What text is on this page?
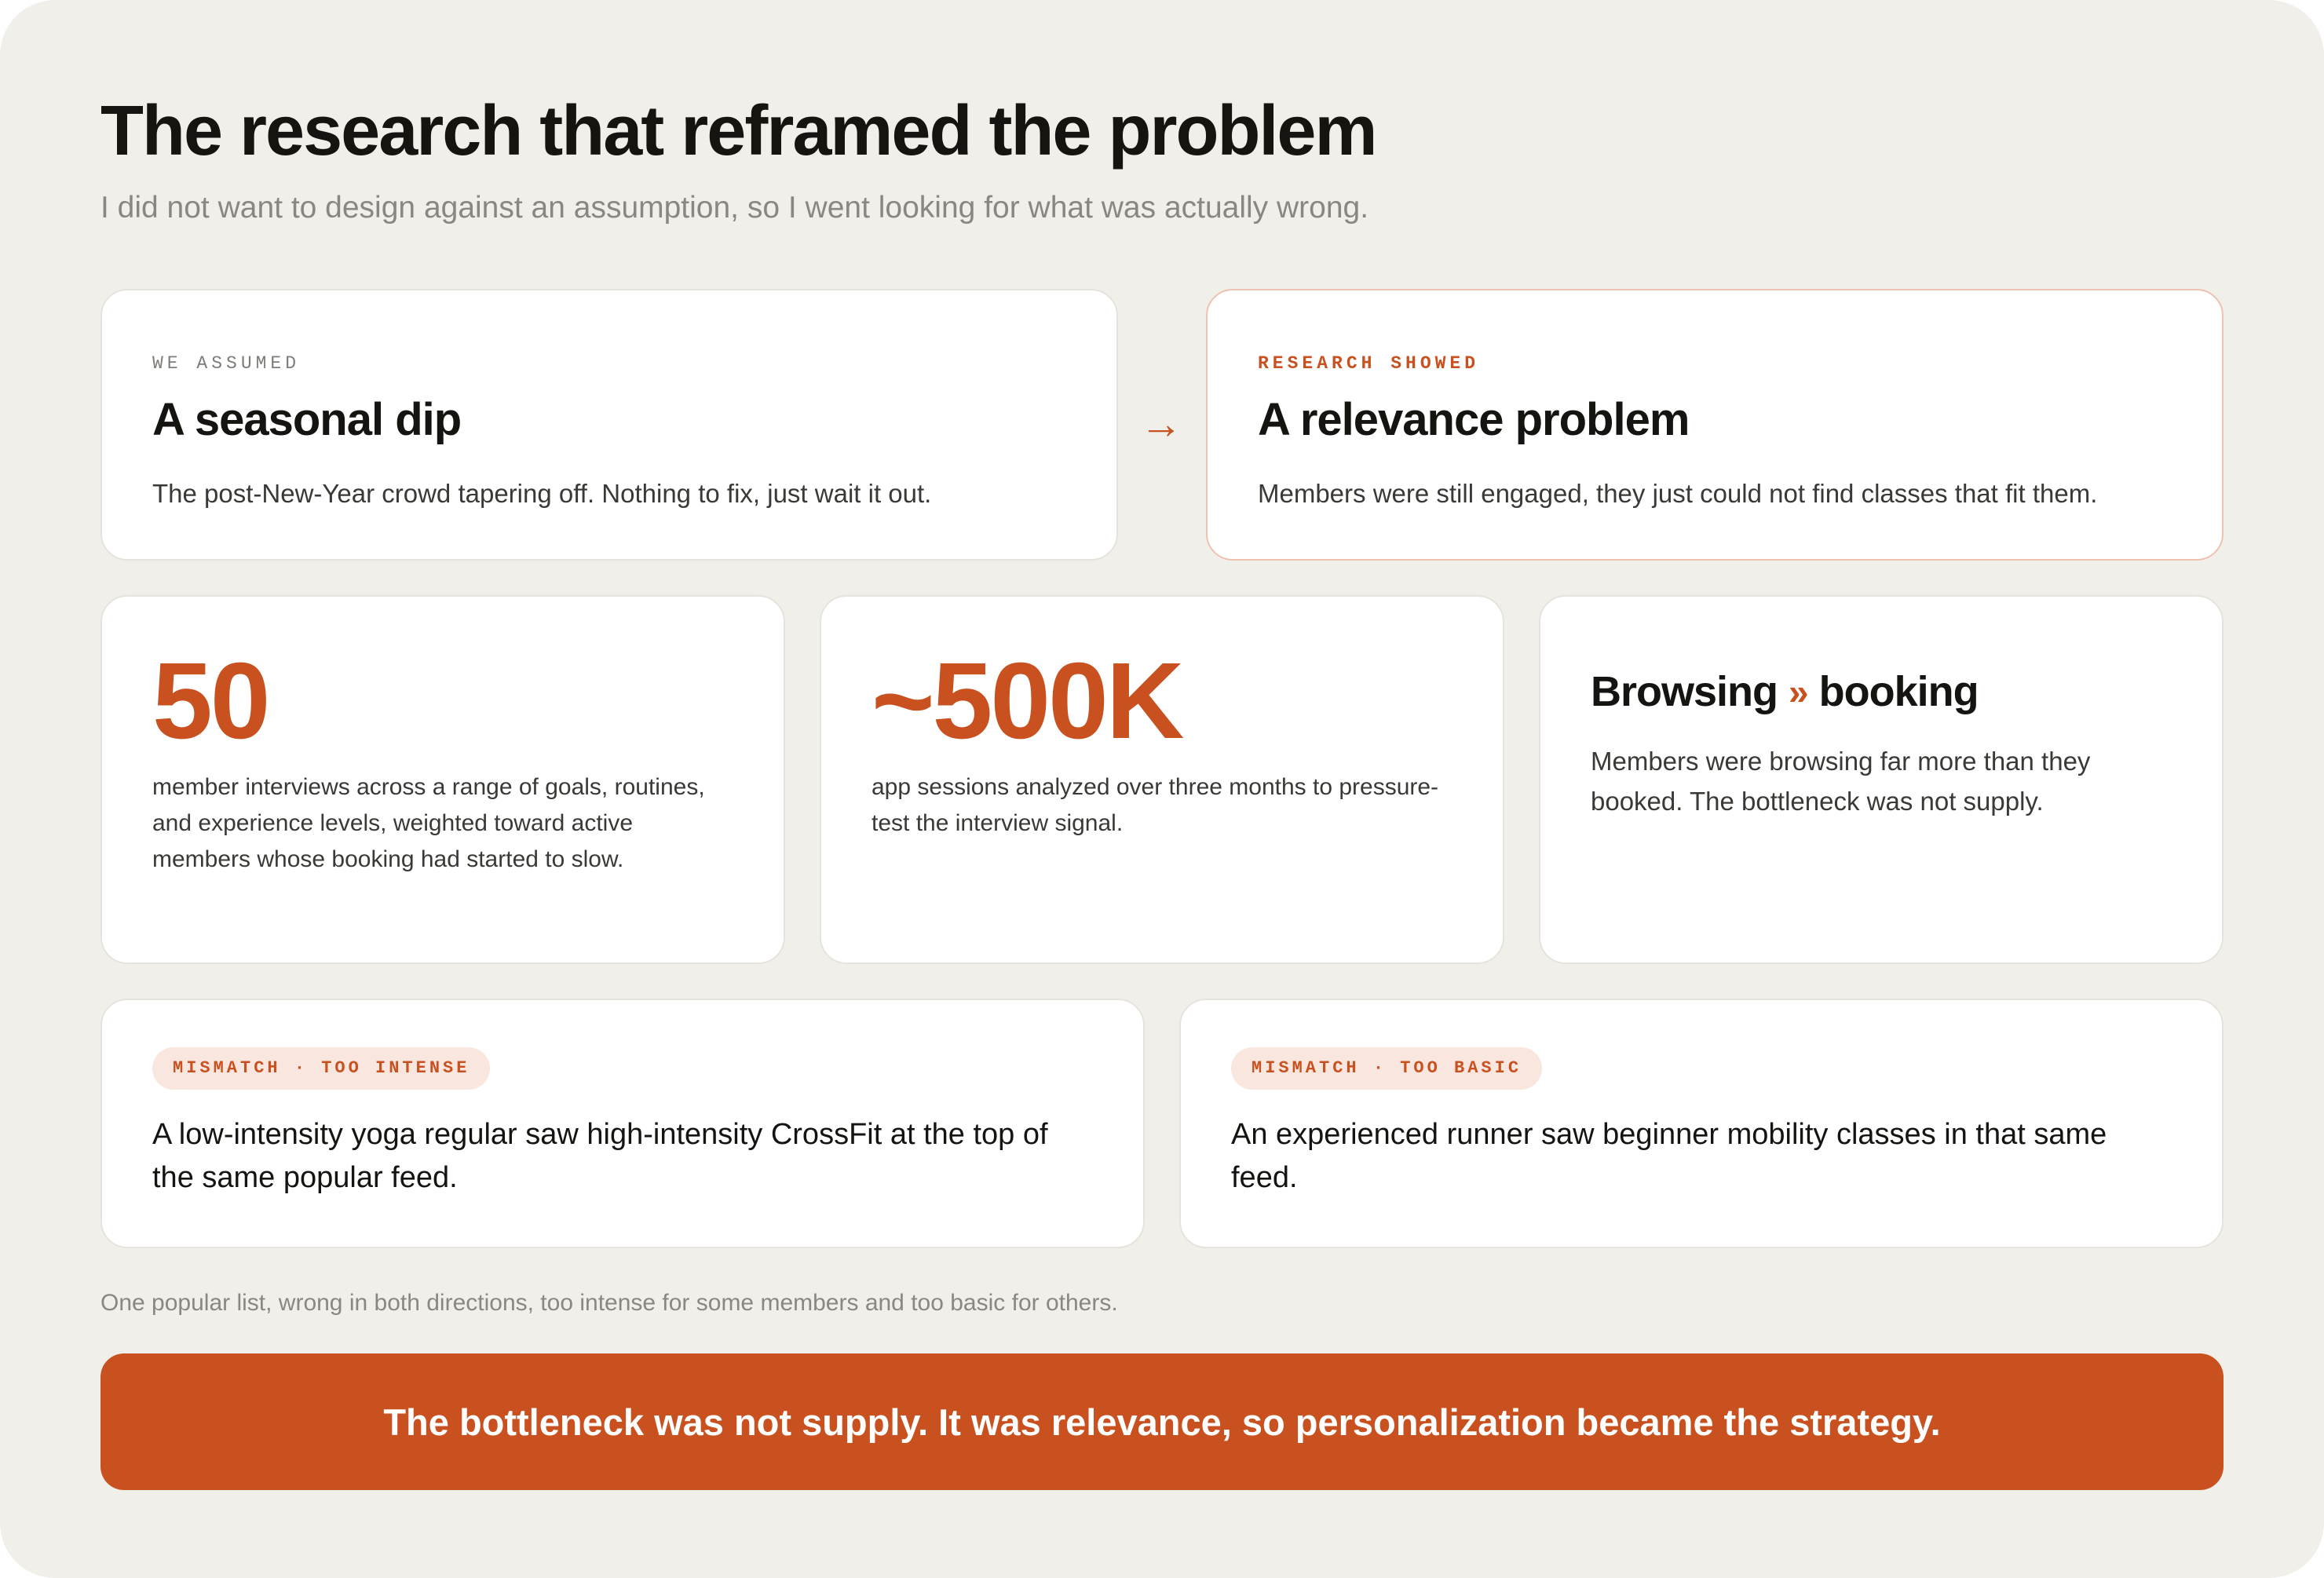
The research that reframed the problem

I did not want to design against an assumption, so I went looking for what was actually wrong.

WE ASSUMED
A seasonal dip
The post-New-Year crowd tapering off. Nothing to fix, just wait it out.
→
RESEARCH SHOWED
A relevance problem
Members were still engaged, they just could not find classes that fit them.
50
member interviews across a range of goals, routines, and experience levels, weighted toward active members whose booking had started to slow.
~500K
app sessions analyzed over three months to pressure-test the interview signal.
Browsing » booking
Members were browsing far more than they booked. The bottleneck was not supply.
MISMATCH · TOO INTENSE
A low-intensity yoga regular saw high-intensity CrossFit at the top of the same popular feed.
MISMATCH · TOO BASIC
An experienced runner saw beginner mobility classes in that same feed.

One popular list, wrong in both directions, too intense for some members and too basic for others.

The bottleneck was not supply. It was relevance, so personalization became the strategy.
